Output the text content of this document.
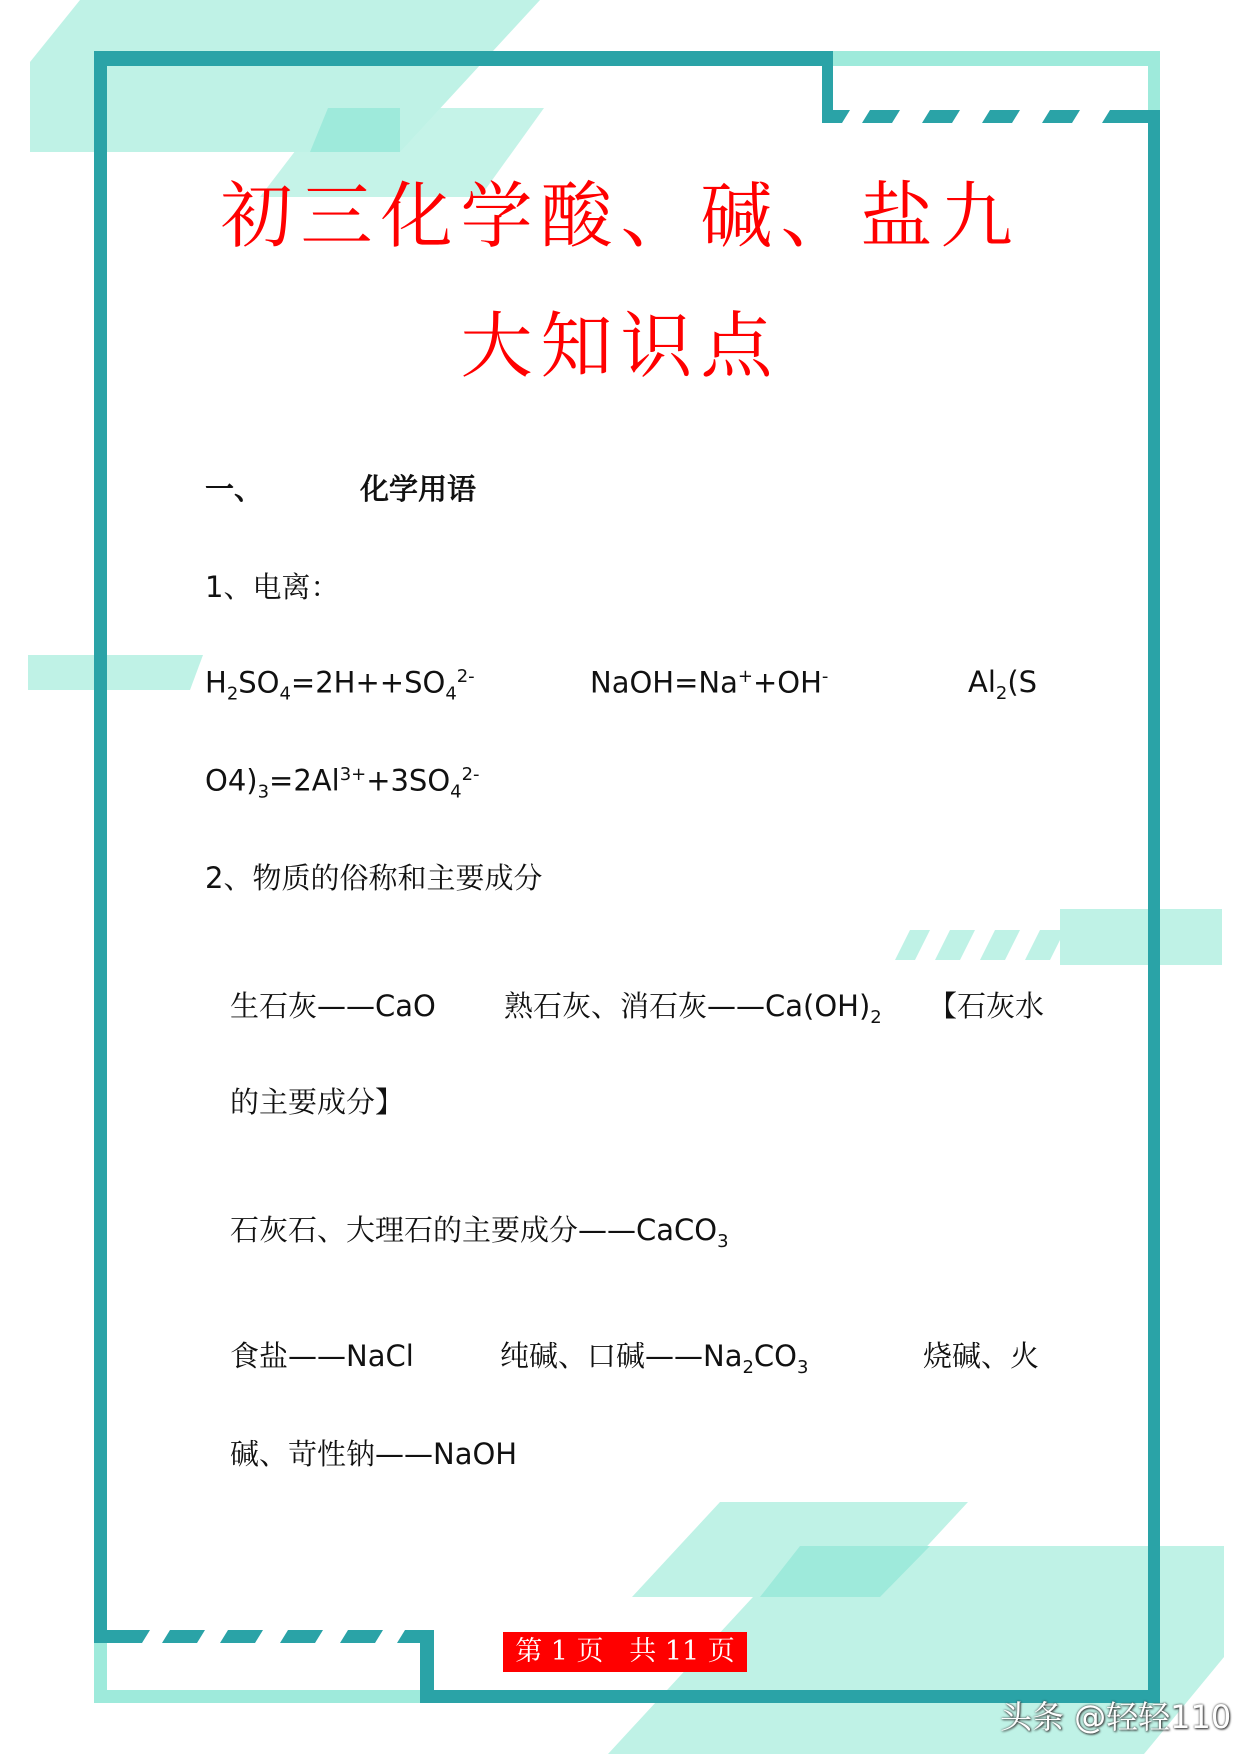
初三化学酸、碱、盐九
大知识点
一、	化学用语
1、电离：
$H_2SO_4=2H++SO_4^{2-}$	NaOH=Na++OH-	$Al_2(S$
$O4)_3=2Al^{3+}+3SO_4^{2-}$
2、物质的俗称和主要成分
生石灰——CaO 熟石灰、消石灰$——Ca(OH)_2$ 【石灰水
的主要成分】
石灰石、大理石的主要成分——CaCO$_3$
食盐——NaCl	纯碱、口碱$——Na_2CO_3$	烧碱、火
碱、苛性钠——NaOH
第 1 页   共 11 页
头条 @轻轻110
